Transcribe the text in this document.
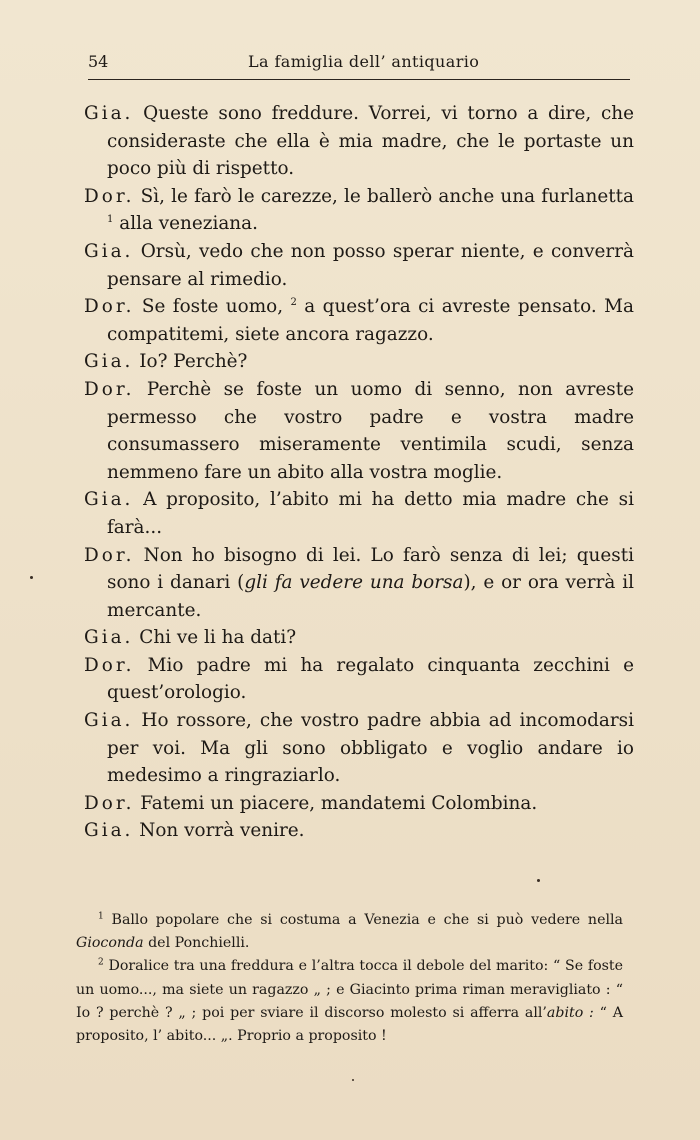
54	La famiglia dell’ antiquario

Gia. Queste sono freddure. Vorrei, vi torno a dire, che consideraste che ella è mia madre, che le portaste un poco più di rispetto.

Dor. Sì, le farò le carezze, le ballerò anche una furlanetta $^1$ alla veneziana.

Gia. Orsù, vedo che non posso sperar niente, e converrà pensare al rimedio.

Dor. Se foste uomo, $^2$ a quest’ora ci avreste pensato. Ma compatitemi, siete ancora ragazzo.

Gia. Io? Perchè?

Dor. Perchè se foste un uomo di senno, non avreste permesso che vostro padre e vostra madre consumassero miseramente ventimila scudi, senza nemmeno fare un abito alla vostra moglie.

Gia. A proposito, l’abito mi ha detto mia madre che si farà...

Dor. Non ho bisogno di lei. Lo farò senza di lei; questi sono i danari (gli fa vedere una borsa), e or ora verrà il mercante.

Gia. Chi ve li ha dati?

Dor. Mio padre mi ha regalato cinquanta zecchini e quest’orologio.

Gia. Ho rossore, che vostro padre abbia ad incomodarsi per voi. Ma gli sono obbligato e voglio andare io medesimo a ringraziarlo.

Dor. Fatemi un piacere, mandatemi Colombina.

Gia. Non vorrà venire.

$^1$ Ballo popolare che si costuma a Venezia e che si può vedere nella Gioconda del Ponchielli.

$^2$ Doralice tra una freddura e l’altra tocca il debole del marito: “ Se foste un uomo..., ma siete un ragazzo „ ; e Giacinto prima riman meravigliato : “ Io ? perchè ? „ ; poi per sviare il discorso molesto si afferra all’abito : “ A proposito, l’ abito... „. Proprio a proposito !
